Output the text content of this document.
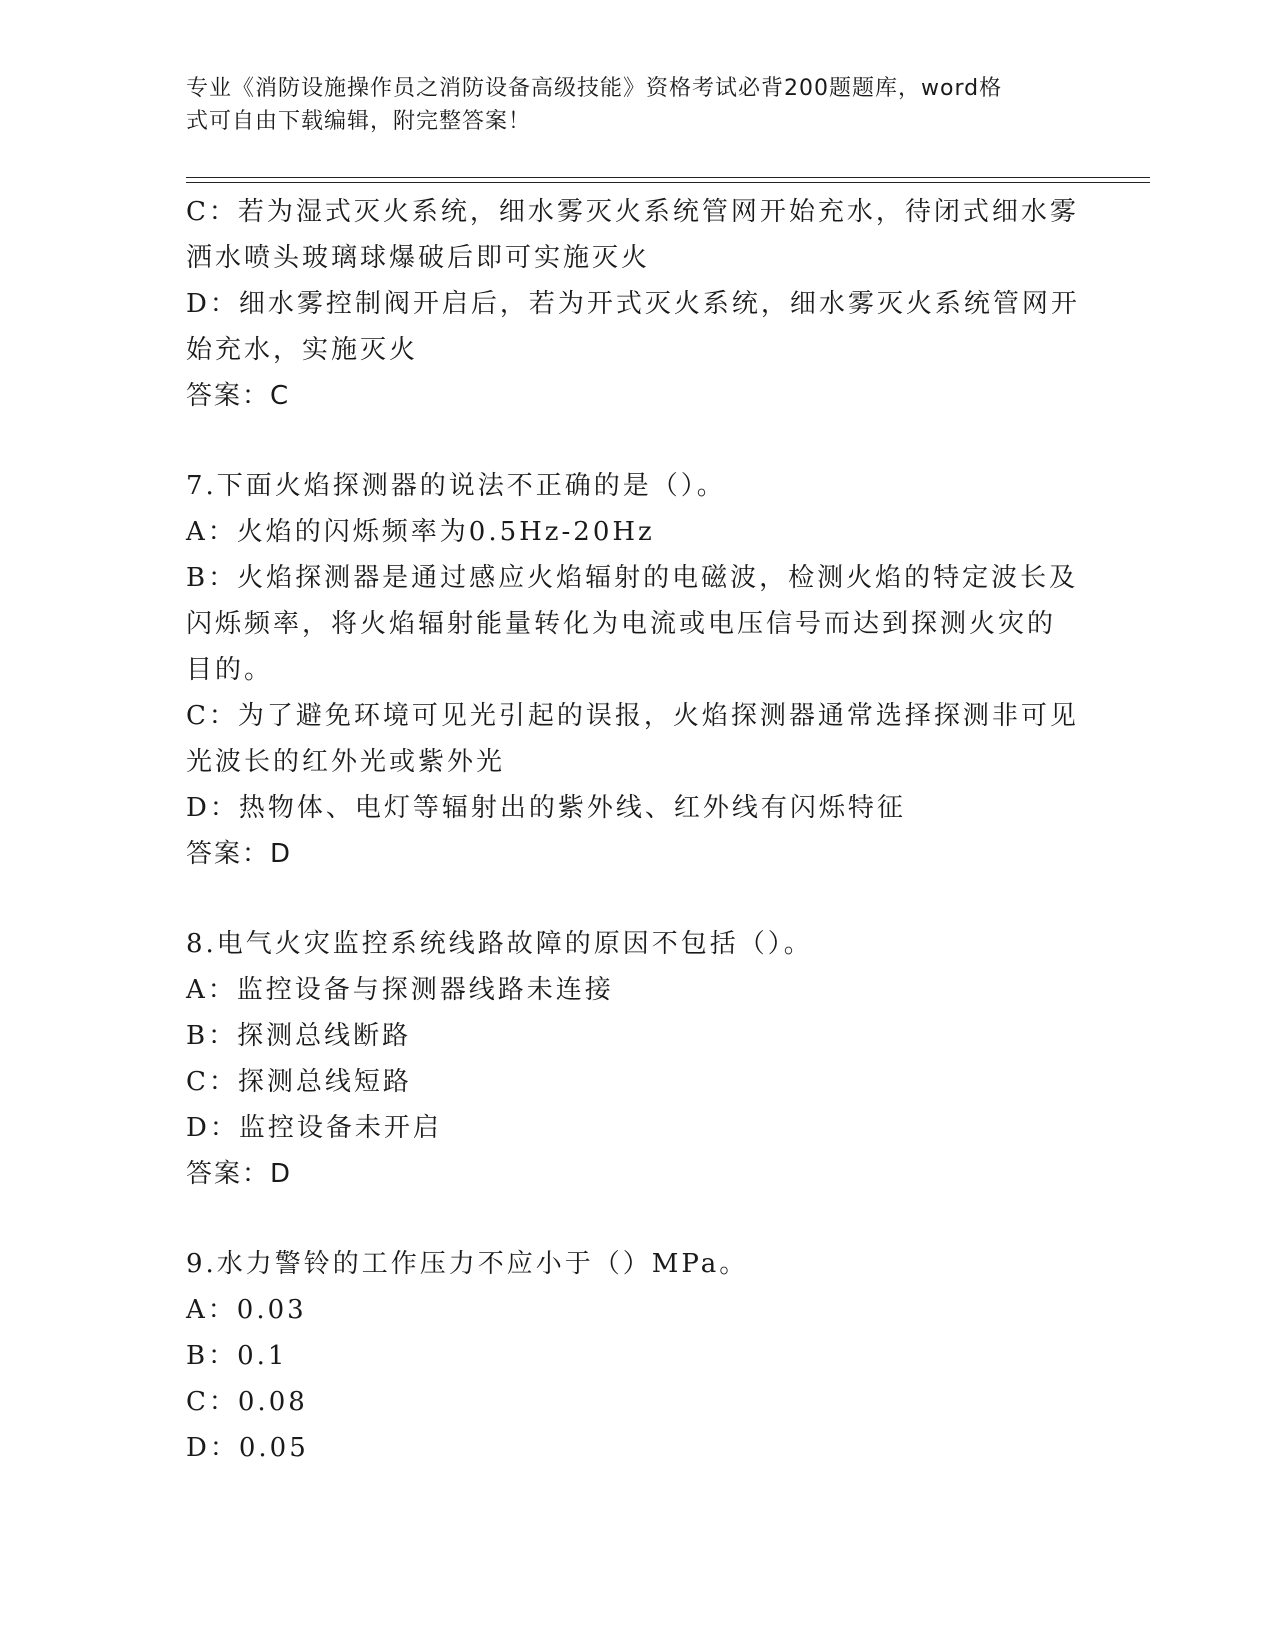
专业《消防设施操作员之消防设备高级技能》资格考试必背200题题库，word格
式可自由下载编辑，附完整答案！
C：若为湿式灭火系统，细水雾灭火系统管网开始充水，待闭式细水雾
洒水喷头玻璃球爆破后即可实施灭火
D：细水雾控制阀开启后，若为开式灭火系统，细水雾灭火系统管网开
始充水，实施灭火
答案：C
7.下面火焰探测器的说法不正确的是（）。
A：火焰的闪烁频率为0.5Hz-20Hz
B：火焰探测器是通过感应火焰辐射的电磁波，检测火焰的特定波长及
闪烁频率，将火焰辐射能量转化为电流或电压信号而达到探测火灾的
目的。
C：为了避免环境可见光引起的误报，火焰探测器通常选择探测非可见
光波长的红外光或紫外光
D：热物体、电灯等辐射出的紫外线、红外线有闪烁特征
答案：D
8.电气火灾监控系统线路故障的原因不包括（）。
A：监控设备与探测器线路未连接
B：探测总线断路
C：探测总线短路
D：监控设备未开启
答案：D
9.水力警铃的工作压力不应小于（）MPa。
A：0.03
B：0.1
C：0.08
D：0.05
